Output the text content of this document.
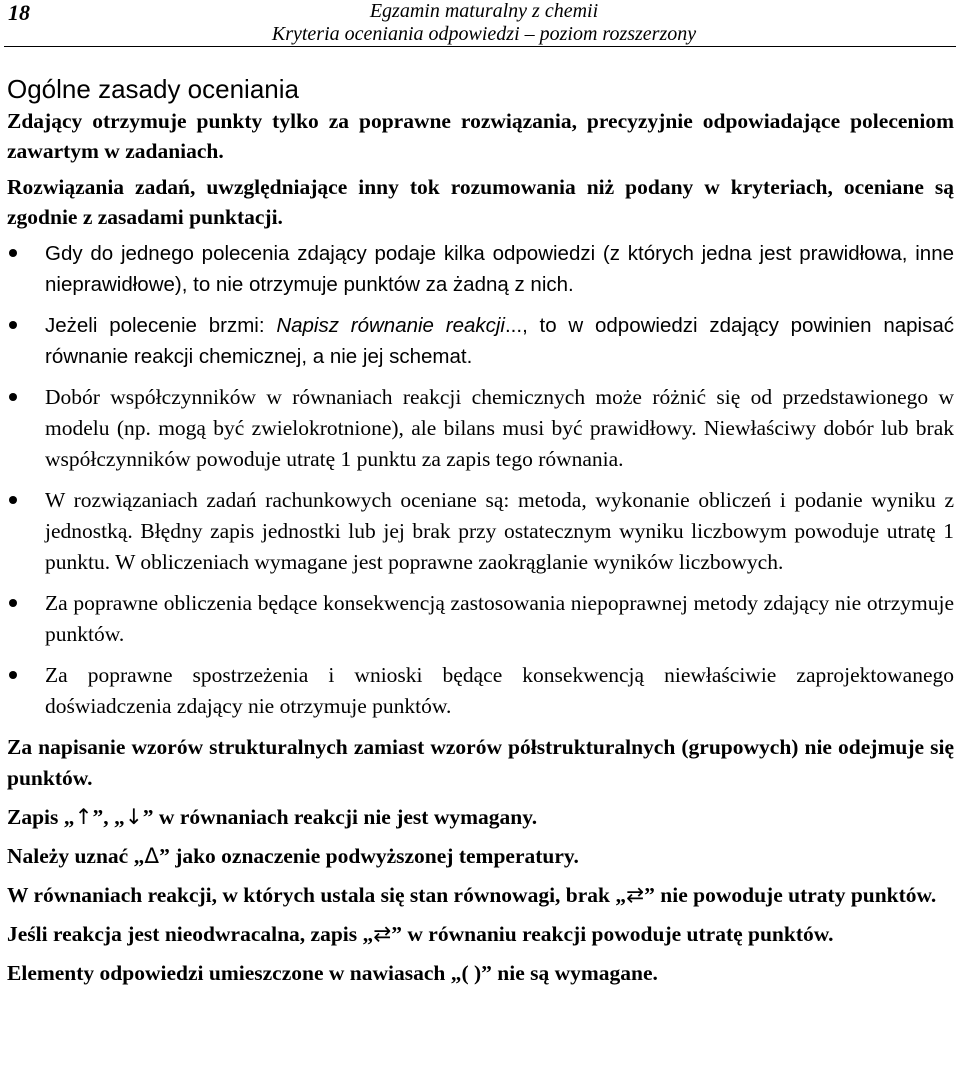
18	Egzamin maturalny z chemii
Kryteria oceniania odpowiedzi – poziom rozszerzony
Ogólne zasady oceniania

Zdający otrzymuje punkty tylko za poprawne rozwiązania, precyzyjnie odpowiadające poleceniom zawartym w zadaniach.

Rozwiązania zadań, uwzględniające inny tok rozumowania niż podany w kryteriach, oceniane są zgodnie z zasadami punktacji.

Gdy do jednego polecenia zdający podaje kilka odpowiedzi (z których jedna jest prawidłowa, inne nieprawidłowe), to nie otrzymuje punktów za żadną z nich.
Jeżeli polecenie brzmi: Napisz równanie reakcji..., to w odpowiedzi zdający powinien napisać równanie reakcji chemicznej, a nie jej schemat.
Dobór współczynników w równaniach reakcji chemicznych może różnić się od przedstawionego w modelu (np. mogą być zwielokrotnione), ale bilans musi być prawidłowy. Niewłaściwy dobór lub brak współczynników powoduje utratę 1 punktu za zapis tego równania.
W rozwiązaniach zadań rachunkowych oceniane są: metoda, wykonanie obliczeń i podanie wyniku z jednostką. Błędny zapis jednostki lub jej brak przy ostatecznym wyniku liczbowym powoduje utratę 1 punktu. W obliczeniach wymagane jest poprawne zaokrąglanie wyników liczbowych.
Za poprawne obliczenia będące konsekwencją zastosowania niepoprawnej metody zdający nie otrzymuje punktów.
Za poprawne spostrzeżenia i wnioski będące konsekwencją niewłaściwie zaprojektowanego doświadczenia zdający nie otrzymuje punktów.

Za napisanie wzorów strukturalnych zamiast wzorów półstrukturalnych (grupowych) nie odejmuje się punktów.

Zapis „↑”, „↓” w równaniach reakcji nie jest wymagany.

Należy uznać „Δ” jako oznaczenie podwyższonej temperatury.

W równaniach reakcji, w których ustala się stan równowagi, brak „⇄” nie powoduje utraty punktów.

Jeśli reakcja jest nieodwracalna, zapis „⇄” w równaniu reakcji powoduje utratę punktów.

Elementy odpowiedzi umieszczone w nawiasach „( )” nie są wymagane.
